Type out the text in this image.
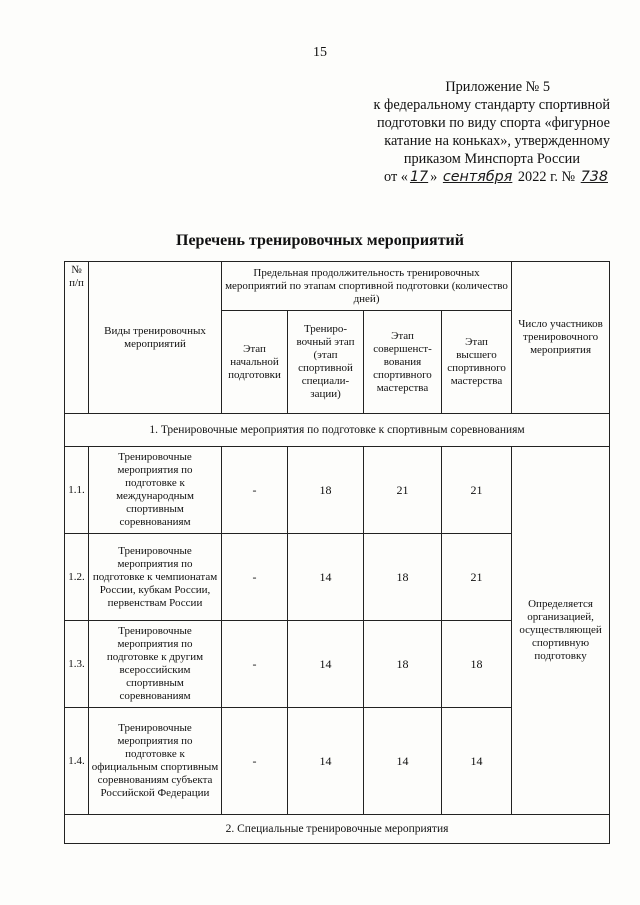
15
Приложение № 5
к федеральному стандарту спортивной
подготовки по виду спорта «фигурное
катание на коньках», утвержденному
приказом Минспорта России
от « 17 » сентября 2022 г. № 738
Перечень тренировочных мероприятий
№ п/п	Виды тренировочных мероприятий	Предельная продолжительность тренировочных мероприятий по этапам спортивной подготовки (количество дней)				Число участников тренировочного мероприятия
		Этап начальной подготовки	Трениро-вочный этап (этап спортивной специали-зации)	Этап совершенст-вования спортивного мастерства	Этап высшего спортивного мастерства	
1. Тренировочные мероприятия по подготовке к спортивным соревнованиям						
1.1.	Тренировочные мероприятия по подготовке к международным спортивным соревнованиям	-	18	21	21	Определяется организацией, осуществляющей спортивную подготовку
1.2.	Тренировочные мероприятия по подготовке к чемпионатам России, кубкам России, первенствам России	-	14	18	21	
1.3.	Тренировочные мероприятия по подготовке к другим всероссийским спортивным соревнованиям	-	14	18	18	
1.4.	Тренировочные мероприятия по подготовке к официальным спортивным соревнованиям субъекта Российской Федерации	-	14	14	14	
2. Специальные тренировочные мероприятия						
